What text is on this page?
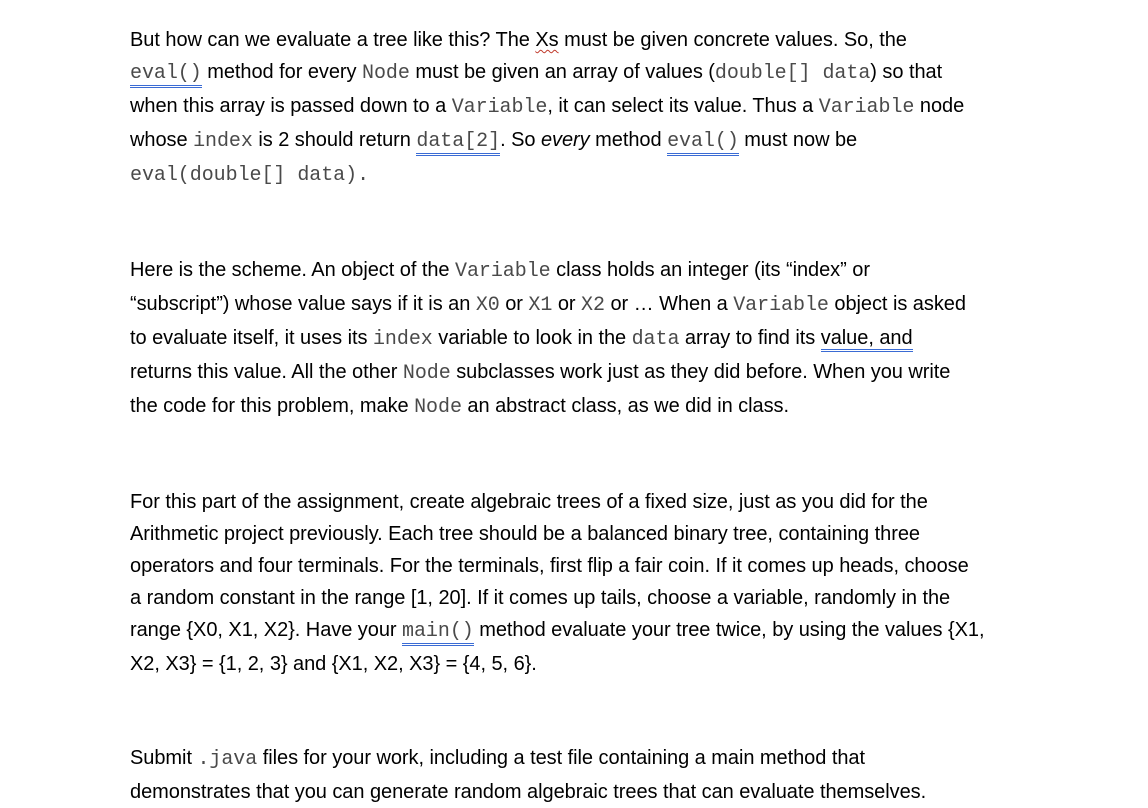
But how can we evaluate a tree like this? The Xs must be given concrete values. So, the
eval() method for every Node must be given an array of values (double[] data) so that
when this array is passed down to a Variable, it can select its value. Thus a Variable node
whose index is 2 should return data[2]. So every method eval() must now be
eval(double[] data).

Here is the scheme. An object of the Variable class holds an integer (its “index” or
“subscript”) whose value says if it is an X0 or X1 or X2 or … When a Variable object is asked
to evaluate itself, it uses its index variable to look in the data array to find its value, and
returns this value. All the other Node subclasses work just as they did before. When you write
the code for this problem, make Node an abstract class, as we did in class.

For this part of the assignment, create algebraic trees of a fixed size, just as you did for the
Arithmetic project previously. Each tree should be a balanced binary tree, containing three
operators and four terminals. For the terminals, first flip a fair coin. If it comes up heads, choose
a random constant in the range [1, 20]. If it comes up tails, choose a variable, randomly in the
range {X0, X1, X2}. Have your main() method evaluate your tree twice, by using the values {X1,
X2, X3} = {1, 2, 3} and {X1, X2, X3} = {4, 5, 6}.

Submit .java files for your work, including a test file containing a main method that
demonstrates that you can generate random algebraic trees that can evaluate themselves.
